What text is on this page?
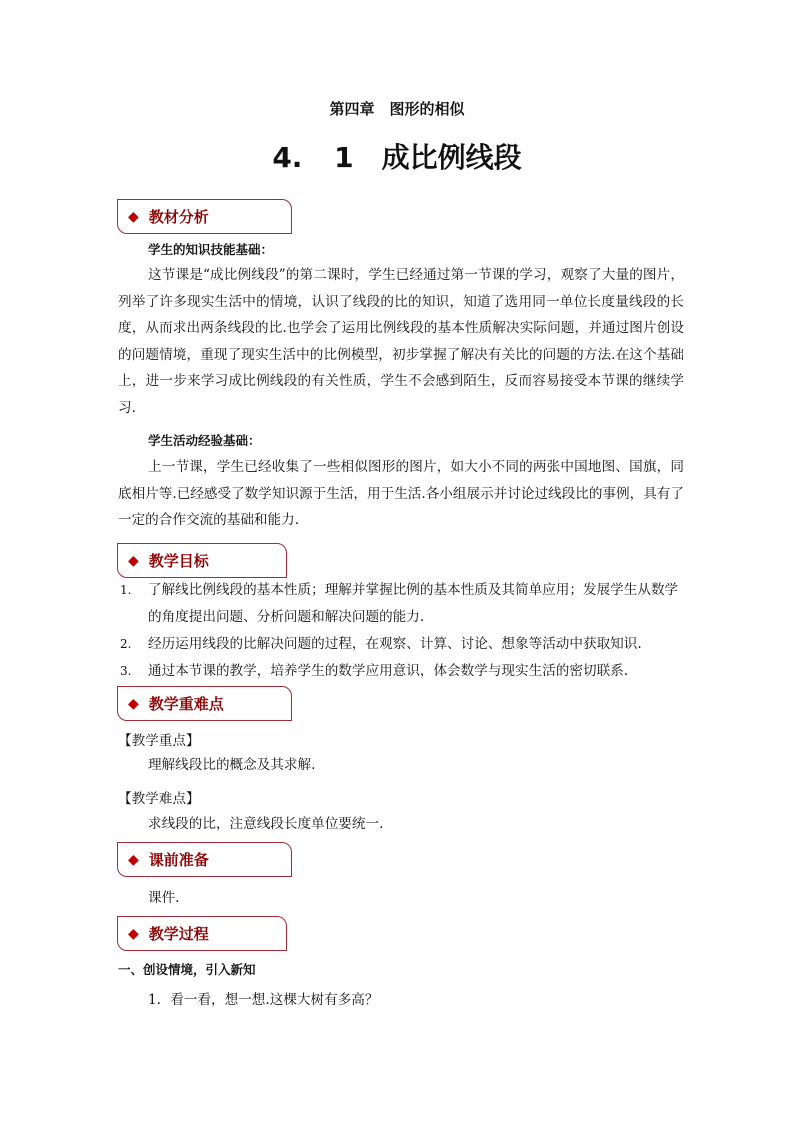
第四章　图形的相似
4. 1　成比例线段
◆ 教材分析
学生的知识技能基础：
这节课是“成比例线段”的第二课时，学生已经通过第一节课的学习，观察了大量的图片，列举了许多现实生活中的情境，认识了线段的比的知识，知道了选用同一单位长度量线段的长度，从而求出两条线段的比.也学会了运用比例线段的基本性质解决实际问题，并通过图片创设的问题情境，重现了现实生活中的比例模型，初步掌握了解决有关比的问题的方法.在这个基础上，进一步来学习成比例线段的有关性质，学生不会感到陌生，反而容易接受本节课的继续学习.
学生活动经验基础：
上一节课，学生已经收集了一些相似图形的图片，如大小不同的两张中国地图、国旗，同底相片等.已经感受了数学知识源于生活，用于生活.各小组展示并讨论过线段比的事例，具有了一定的合作交流的基础和能力.
◆ 教学目标
1.	了解线比例线段的基本性质；理解并掌握比例的基本性质及其简单应用；发展学生从数学的角度提出问题、分析问题和解决问题的能力.
2.	经历运用线段的比解决问题的过程，在观察、计算、讨论、想象等活动中获取知识.
3.	通过本节课的教学，培养学生的数学应用意识，体会数学与现实生活的密切联系.
◆ 教学重难点
【教学重点】
理解线段比的概念及其求解.
【教学难点】
求线段的比，注意线段长度单位要统一.
◆ 课前准备
课件.
◆ 教学过程
一、创设情境，引入新知
1．看一看，想一想.这棵大树有多高？
